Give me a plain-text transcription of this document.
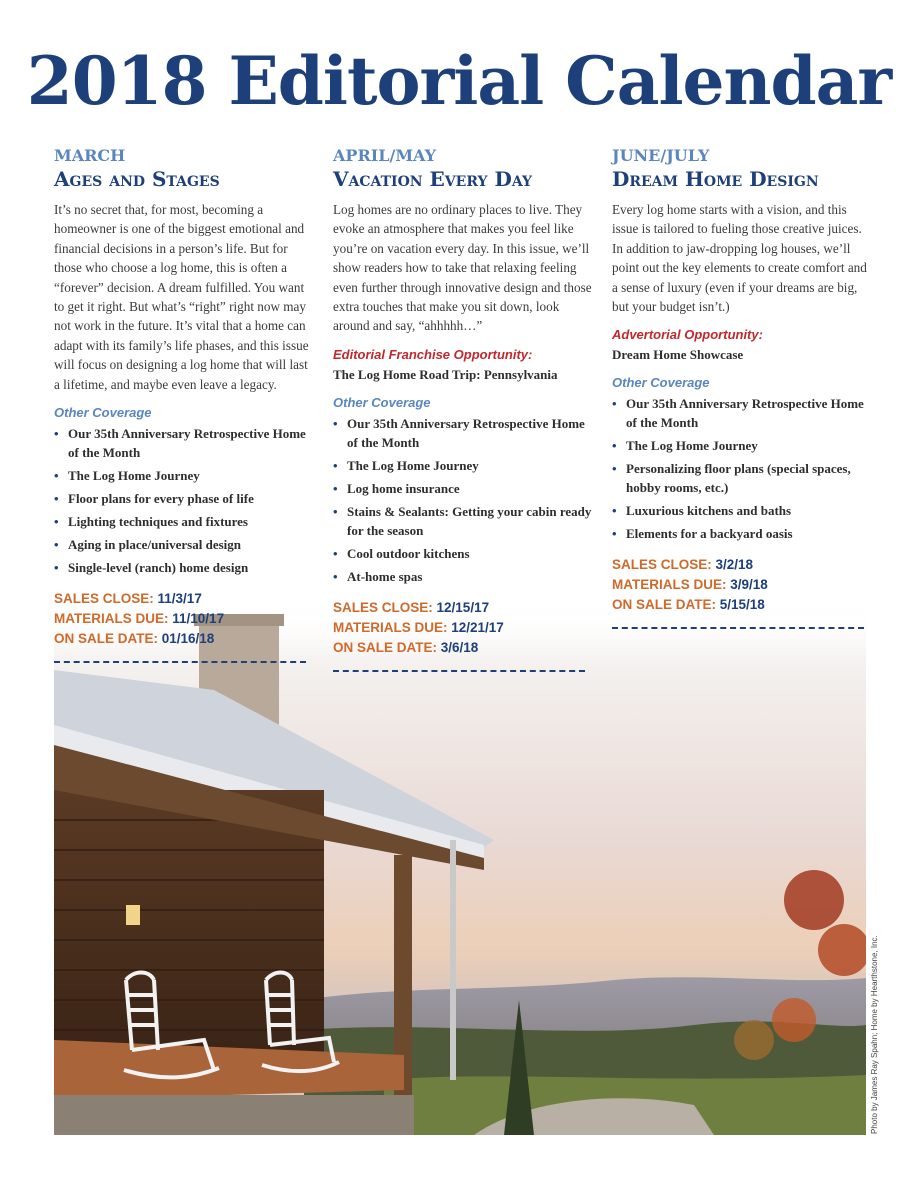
2018 Editorial Calendar

MARCH

Ages and Stages

It’s no secret that, for most, becoming a homeowner is one of the biggest emotional and financial decisions in a person’s life. But for those who choose a log home, this is often a “forever” decision. A dream fulfilled. You want to get it right. But what’s “right” right now may not work in the future. It’s vital that a home can adapt with its family’s life phases, and this issue will focus on designing a log home that will last a lifetime, and maybe even leave a legacy.

Other Coverage

• Our 35th Anniversary Retrospective Home of the Month
• The Log Home Journey
• Floor plans for every phase of life
• Lighting techniques and fixtures
• Aging in place/universal design
• Single-level (ranch) home design
SALES CLOSE: 11/3/17
MATERIALS DUE: 11/10/17
ON SALE DATE: 01/16/18

APRIL/MAY

Vacation Every Day

Log homes are no ordinary places to live. They evoke an atmosphere that makes you feel like you’re on vacation every day. In this issue, we’ll show readers how to take that relaxing feeling even further through innovative design and those extra touches that make you sit down, look around and say, “ahhhhh…”

Editorial Franchise Opportunity:

The Log Home Road Trip: Pennsylvania

Other Coverage

• Our 35th Anniversary Retrospective Home of the Month
• The Log Home Journey
• Log home insurance
• Stains & Sealants: Getting your cabin ready for the season
• Cool outdoor kitchens
• At-home spas
SALES CLOSE: 12/15/17
MATERIALS DUE: 12/21/17
ON SALE DATE: 3/6/18

JUNE/JULY

Dream Home Design

Every log home starts with a vision, and this issue is tailored to fueling those creative juices. In addition to jaw-dropping log houses, we’ll point out the key elements to create comfort and a sense of luxury (even if your dreams are big, but your budget isn’t.)

Advertorial Opportunity:

Dream Home Showcase

Other Coverage

• Our 35th Anniversary Retrospective Home of the Month
• The Log Home Journey
• Personalizing floor plans (special spaces, hobby rooms, etc.)
• Luxurious kitchens and baths
• Elements for a backyard oasis
SALES CLOSE: 3/2/18
MATERIALS DUE: 3/9/18
ON SALE DATE: 5/15/18
Photo by James Ray Spahn; Home by Hearthstone, Inc.
